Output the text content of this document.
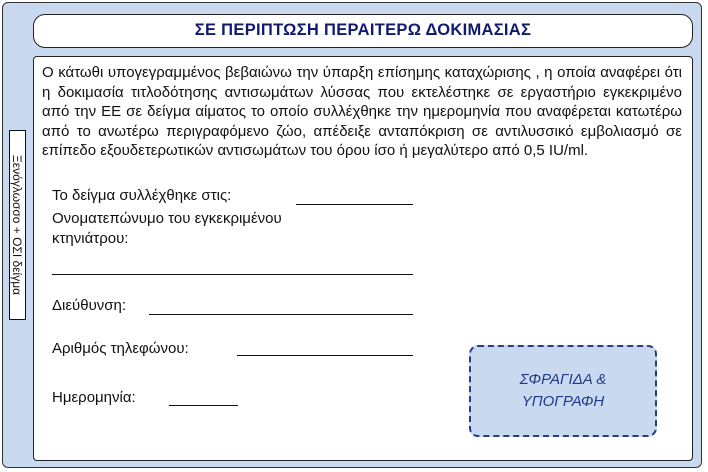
Ξενόγλωσσο + ΟΣΙ δείγμα
ΣΕ ΠΕΡΙΠΤΩΣΗ ΠΕΡΑΙΤΕΡΩ ΔΟΚΙΜΑΣΙΑΣ

Ο κάτωθι υπογεγραμμένος βεβαιώνω την ύπαρξη επίσημης καταχώρισης , η οποία αναφέρει ότι η δοκιμασία τιτλοδότησης αντισωμάτων λύσσας που εκτελέστηκε σε εργαστήριο εγκεκριμένο από την ΕΕ σε δείγμα αίματος το οποίο συλλέχθηκε την ημερομηνία που αναφέρεται κατωτέρω από το ανωτέρω περιγραφόμενο ζώο, απέδειξε ανταπόκριση σε αντιλυσσικό εμβολιασμό σε επίπεδο εξουδετερωτικών αντισωμάτων του όρου ίσο ή μεγαλύτερο από 0,5 IU/ml.

Το δείγμα συλλέχθηκε στις:
Ονοματεπώνυμο του εγκεκριμένου
κτηνιάτρου:
Διεύθυνση:
Αριθμός τηλεφώνου:
Ημερομηνία:
ΣΦΡΑΓΙΔΑ &
ΥΠΟΓΡΑΦΗ
